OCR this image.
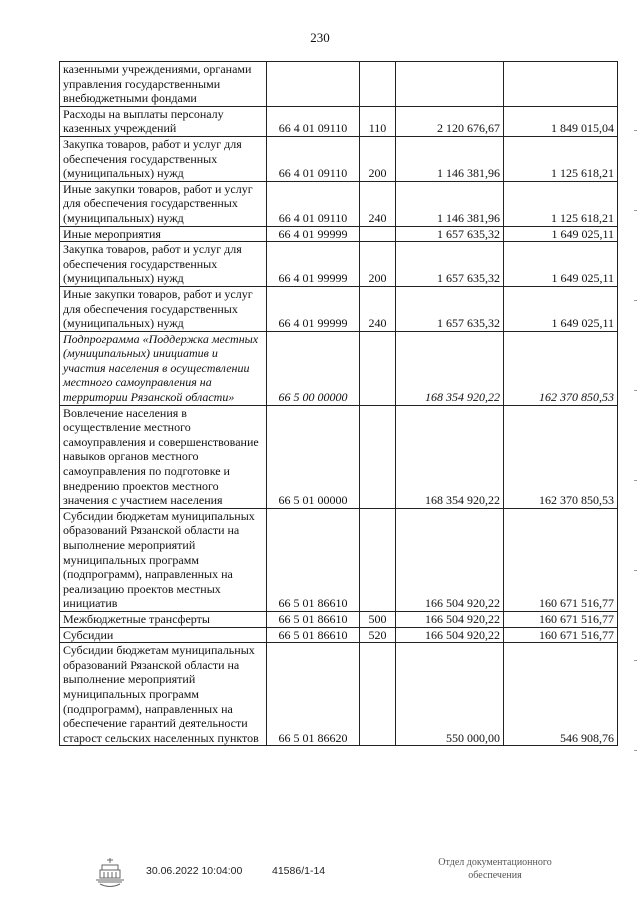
230
казенными учреждениями, органами управления государственными внебюджетными фондами				
Расходы на выплаты персоналу казенных учреждений	66 4 01 09110	110	2 120 676,67	1 849 015,04
Закупка товаров, работ и услуг для обеспечения государственных (муниципальных) нужд	66 4 01 09110	200	1 146 381,96	1 125 618,21
Иные закупки товаров, работ и услуг для обеспечения государственных (муниципальных) нужд	66 4 01 09110	240	1 146 381,96	1 125 618,21
Иные мероприятия	66 4 01 99999		1 657 635,32	1 649 025,11
Закупка товаров, работ и услуг для обеспечения государственных (муниципальных) нужд	66 4 01 99999	200	1 657 635,32	1 649 025,11
Иные закупки товаров, работ и услуг для обеспечения государственных (муниципальных) нужд	66 4 01 99999	240	1 657 635,32	1 649 025,11
Подпрограмма «Поддержка местных (муниципальных) инициатив и участия населения в осуществлении местного самоуправления на территории Рязанской области»	66 5 00 00000		168 354 920,22	162 370 850,53
Вовлечение населения в осуществление местного самоуправления и совершенствование навыков органов местного самоуправления по подготовке и внедрению проектов местного значения с участием населения	66 5 01 00000		168 354 920,22	162 370 850,53
Субсидии бюджетам муниципальных образований Рязанской области на выполнение мероприятий муниципальных программ (подпрограмм), направленных на реализацию проектов местных инициатив	66 5 01 86610		166 504 920,22	160 671 516,77
Межбюджетные трансферты	66 5 01 86610	500	166 504 920,22	160 671 516,77
Субсидии	66 5 01 86610	520	166 504 920,22	160 671 516,77
Субсидии бюджетам муниципальных образований Рязанской области на выполнение мероприятий муниципальных программ (подпрограмм), направленных на обеспечение гарантий деятельности старост сельских населенных пунктов	66 5 01 86620		550 000,00	546 908,76
30.06.2022 10:04:00	41586/1-14
Отдел документационного обеспечения
